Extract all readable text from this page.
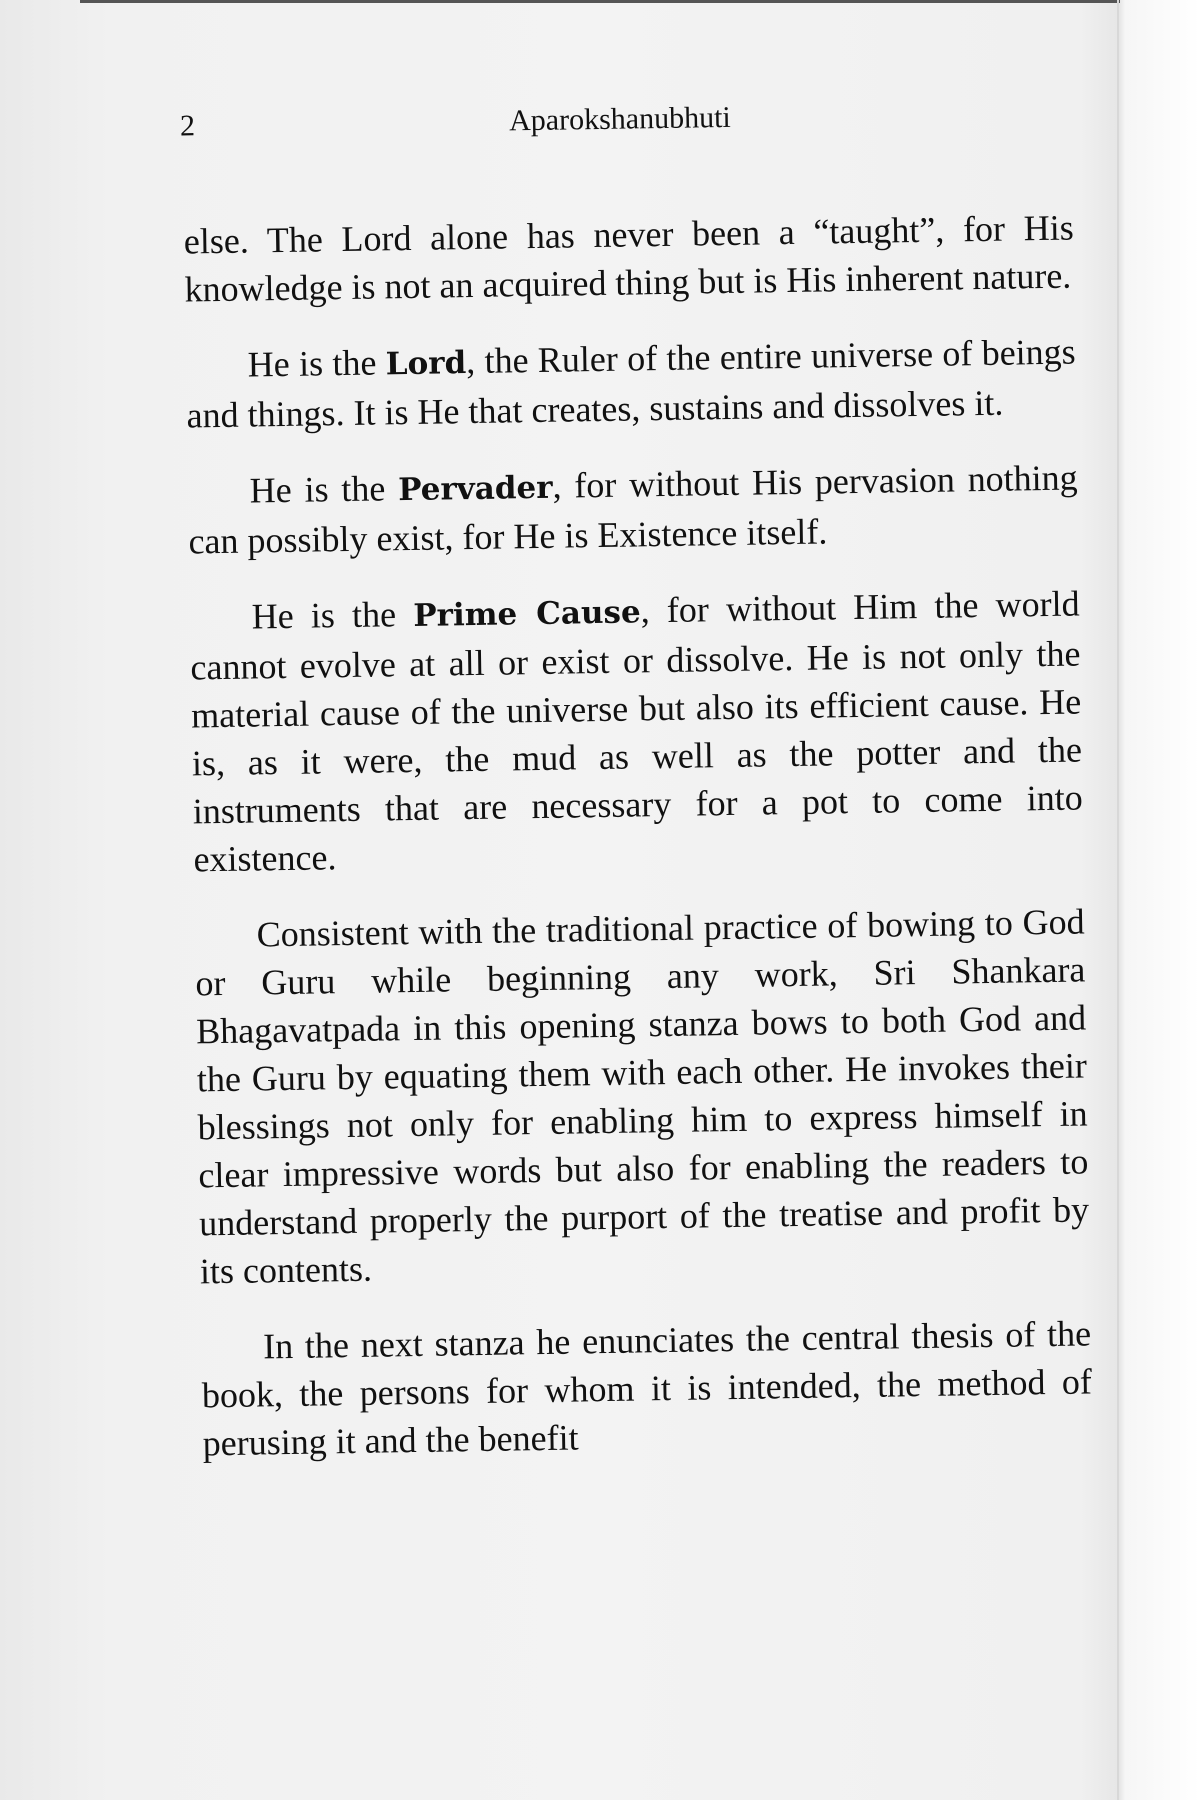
2	Aparokshanubhuti

else. The Lord alone has never been a “taught”, for His knowledge is not an acquired thing but is His inherent nature.

He is the Lord, the Ruler of the entire universe of beings and things. It is He that creates, sustains and dissolves it.

He is the Pervader, for without His pervasion nothing can possibly exist, for He is Existence itself.

He is the Prime Cause, for without Him the world cannot evolve at all or exist or dissolve. He is not only the material cause of the universe but also its efficient cause. He is, as it were, the mud as well as the potter and the instruments that are necessary for a pot to come into existence.

Consistent with the traditional practice of bowing to God or Guru while beginning any work, Sri Shankara Bhagavatpada in this opening stanza bows to both God and the Guru by equating them with each other. He invokes their blessings not only for enabling him to express himself in clear impressive words but also for enabling the readers to understand properly the purport of the treatise and profit by its contents.

In the next stanza he enunciates the central thesis of the book, the persons for whom it is intended, the method of perusing it and the benefit
